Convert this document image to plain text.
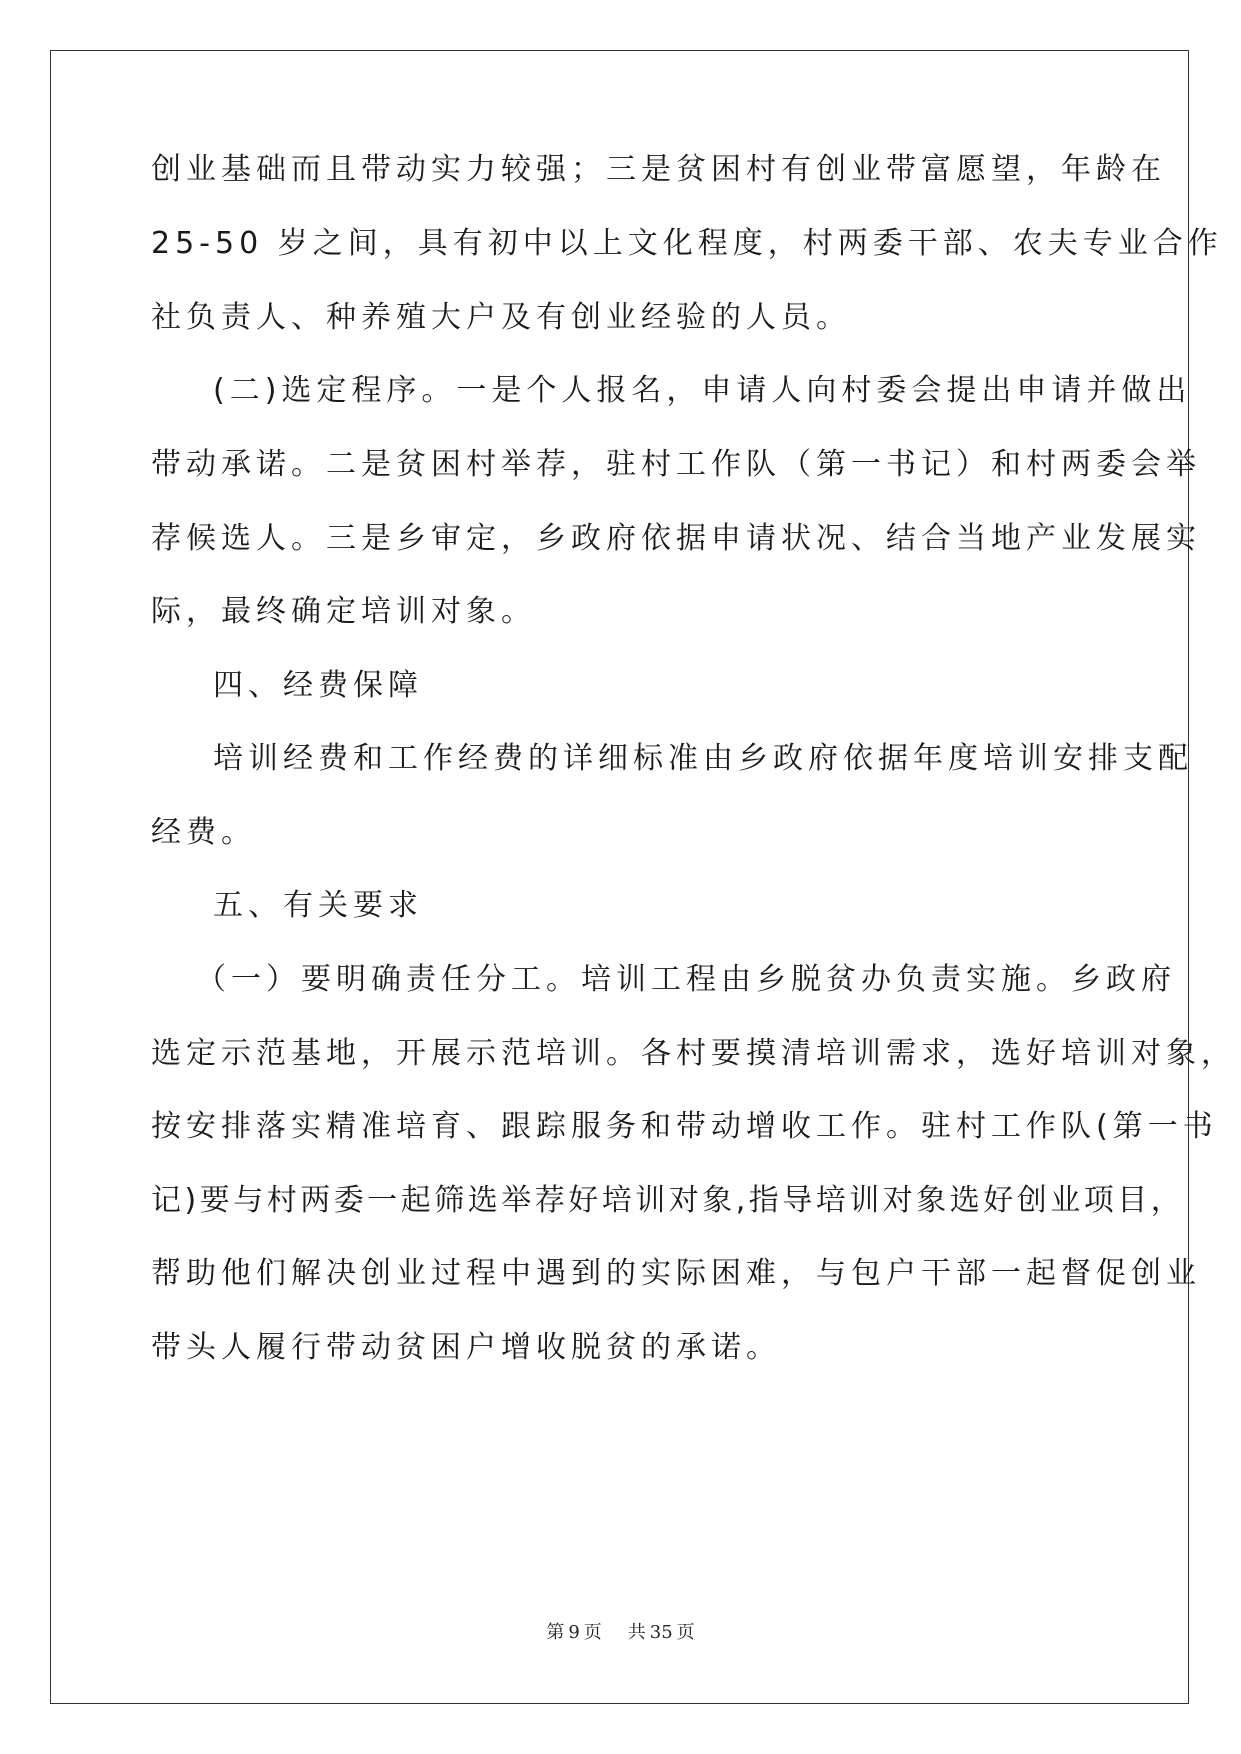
创业基础而且带动实力较强；三是贫困村有创业带富愿望，年龄在
25-50 岁之间，具有初中以上文化程度，村两委干部、农夫专业合作
社负责人、种养殖大户及有创业经验的人员。
(二)选定程序。一是个人报名，申请人向村委会提出申请并做出
带动承诺。二是贫困村举荐，驻村工作队（第一书记）和村两委会举
荐候选人。三是乡审定，乡政府依据申请状况、结合当地产业发展实
际，最终确定培训对象。
四、经费保障
培训经费和工作经费的详细标准由乡政府依据年度培训安排支配
经费。
五、有关要求
（一）要明确责任分工。培训工程由乡脱贫办负责实施。乡政府
选定示范基地，开展示范培训。各村要摸清培训需求，选好培训对象，
按安排落实精准培育、跟踪服务和带动增收工作。驻村工作队(第一书
记)要与村两委一起筛选举荐好培训对象,指导培训对象选好创业项目，
帮助他们解决创业过程中遇到的实际困难，与包户干部一起督促创业
带头人履行带动贫困户增收脱贫的承诺。
第 9 页 共 35 页
